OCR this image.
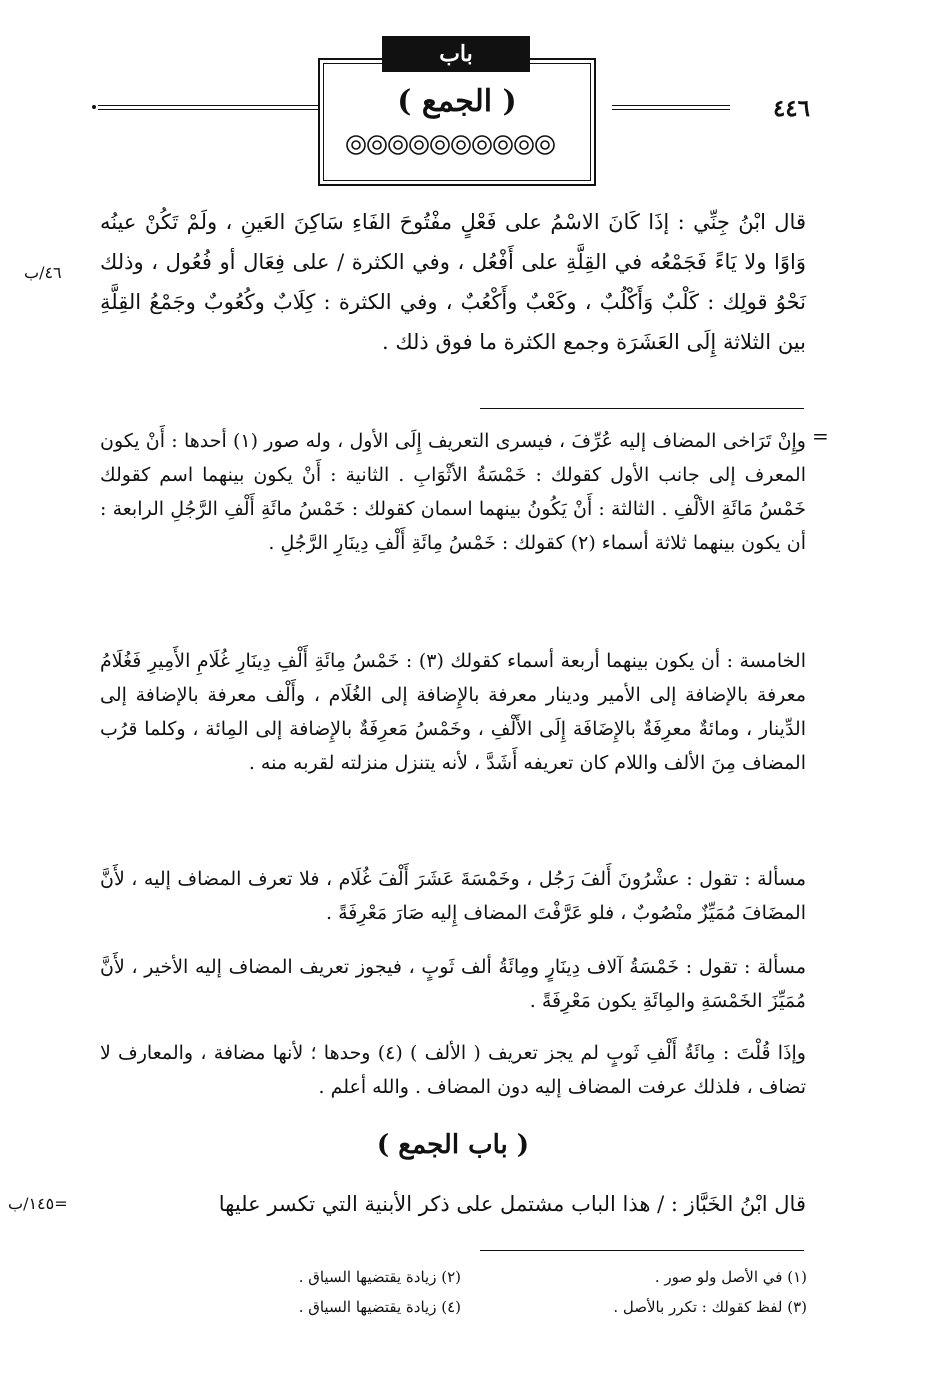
٤٤٦
باب
( الجمع )

قال ابْنُ جِنِّي : إذَا كَانَ الاسْمُ على فَعْلٍ مفْتُوحَ الفَاءِ سَاكِنَ العَينِ ، ولَمْ تَكُنْ عينُه وَاوًا ولا يَاءً فَجَمْعُه في القِلَّةِ على أَفْعُل ، وفي الكثرة / على فِعَال أو فُعُول ، وذلك نَحْوُ قولِك : كَلْبٌ وَأَكْلُبٌ ، وكَعْبٌ وأَكْعُبٌ ، وفي الكثرة : كِلَابٌ وكُعُوبٌ وجَمْعُ القِلَّةِ بين الثلاثة إِلَى العَشَرَة وجمع الكثرة ما فوق ذلك .

٤٦/ب
=

وإِنْ تَرَاخى المضاف إليه عُرِّفَ ، فيسرى التعريف إِلَى الأول ، وله صور (١) أحدها : أَنْ يكون المعرف إلى جانب الأول كقولك : خَمْسَةُ الأثْوَابِ . الثانية : أَنْ يكون بينهما اسم كقولك خَمْسُ مَائَةِ الألْفِ . الثالثة : أَنْ يَكُونُ بينهما اسمان كقولك : خَمْسُ مائَةِ أَلْفِ الرَّجُلِ الرابعة : أن يكون بينهما ثلاثة أسماء (٢) كقولك : خَمْسُ مِائَةِ أَلْفِ دِينَارِ الرَّجُلِ .

الخامسة : أن يكون بينهما أربعة أسماء كقولك (٣) : خَمْسُ مِائَةِ أَلْفِ دِينَارِ غُلَامِ الأَمِيرِ فَغُلَامُ معرفة بالإضافة إلى الأمير ودينار معرفة بالإِضافة إلى الغُلَام ، وأَلْف معرفة بالإضافة إلى الدِّينار ، ومائةٌ معرِفَةٌ بالإِضَافَة إِلَى الأَلْفِ ، وخَمْسُ مَعرِفَةٌ بالإِضافة إلى المِائة ، وكلما قرُب المضاف مِنَ الألف واللام كان تعريفه أَشَدَّ ، لأنه يتنزل منزلته لقربه منه .

مسألة : تقول : عشْرُونَ أَلفَ رَجُل ، وخَمْسَةَ عَشَرَ أَلْفَ غُلَام ، فلا تعرف المضاف إليه ، لأَنَّ المضَافَ مُمَيِّزٌ منْصُوبٌ ، فلو عَرَّفْتَ المضاف إِليه صَارَ مَعْرِفَةً .

مسألة : تقول : خَمْسَةُ آلاف دِينَارٍ ومِائَةُ ألف ثَوبٍ ، فيجوز تعريف المضاف إليه الأخير ، لأَنَّ مُمَيِّزَ الخَمْسَةِ والمِائَةِ يكون مَعْرِفَةً .

وإذَا قُلْتَ : مِائَةُ أَلْفِ ثَوبٍ لم يجز تعريف ( الألف ) (٤) وحدها ؛ لأنها مضافة ، والمعارف لا تضاف ، فلذلك عرفت المضاف إليه دون المضاف . والله أعلم .

( باب الجمع )

قال ابْنُ الخَبَّاز : / هذا الباب مشتمل على ذكر الأبنية التي تكسر عليها

=١٤٥/ب
(١) في الأصل ولو صور .
(٢) زيادة يقتضيها السياق .
(٣) لفظ كقولك : تكرر بالأصل .
(٤) زيادة يقتضيها السياق .
